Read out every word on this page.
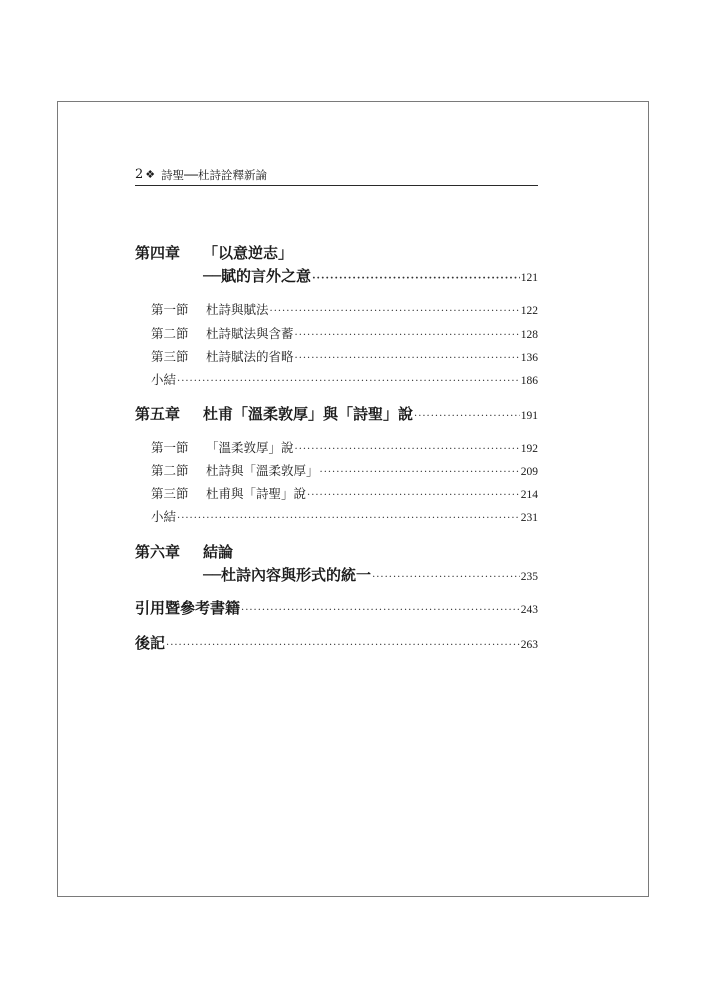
2 ❖ 詩聖──杜詩詮釋新論
第四章	「以意逆志」
──賦的言外之意 ·····	121
第一節	杜詩與賦法 ·····	122
第二節	杜詩賦法與含蓄 ·····	128
第三節	杜詩賦法的省略 ·····	136
小結 ·····	186
第五章	杜甫「溫柔敦厚」與「詩聖」說 ·····	191
第一節	「溫柔敦厚」說 ·····	192
第二節	杜詩與「溫柔敦厚」 ·····	209
第三節	杜甫與「詩聖」說 ·····	214
小結 ·····	231
第六章	結論
──杜詩內容與形式的統一 ·····	235
引用暨參考書籍 ·····	243
後記 ·····	263
